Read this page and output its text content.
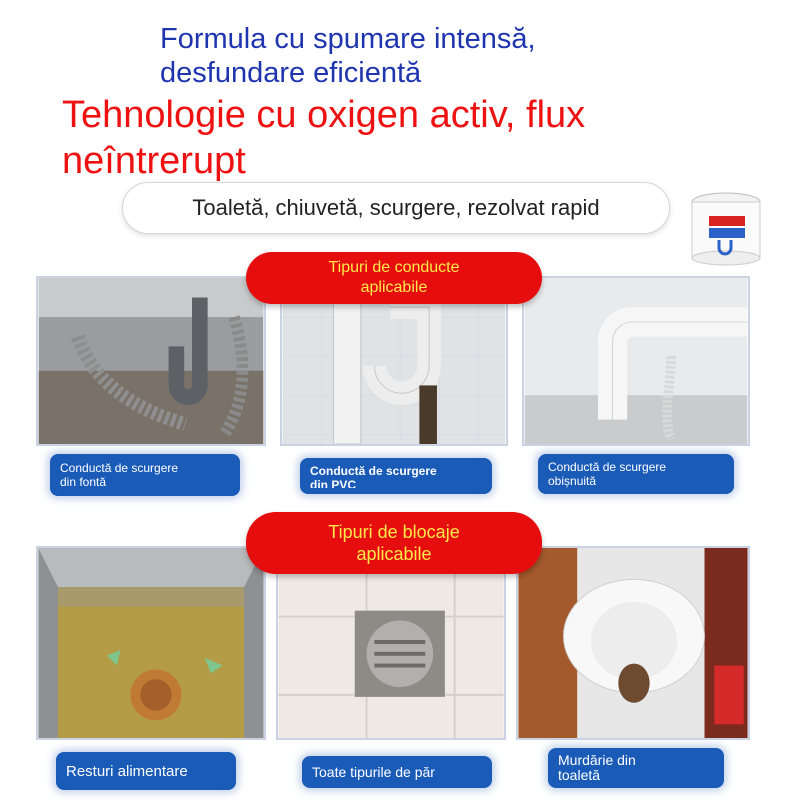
Formula cu spumare intensă,
desfundare eficientă
Tehnologie cu oxigen activ, flux
neîntrerupt
Toaletă, chiuvetă, scurgere, rezolvat rapid
Tipuri de conducte
aplicabile
Conductă de scurgere
din fontă
Conductă de scurgere
din PVC
Conductă de scurgere
obișnuită
Tipuri de blocaje
aplicabile
Resturi alimentare	Toate tipurile de păr
Murdărie din
toaletă
